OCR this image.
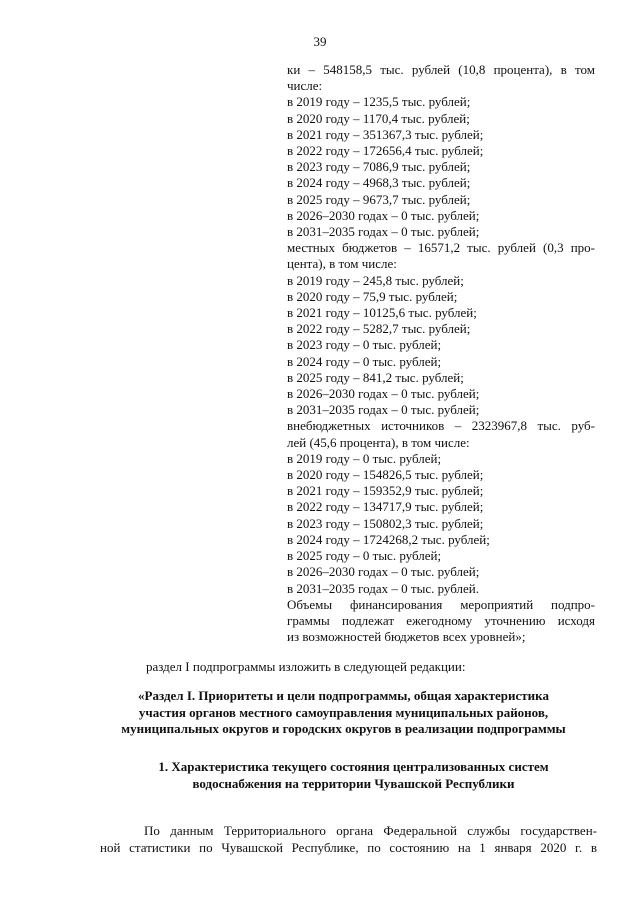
39
ки – 548158,5 тыс. рублей (10,8 процента), в том
числе:
в 2019 году – 1235,5 тыс. рублей;
в 2020 году – 1170,4 тыс. рублей;
в 2021 году – 351367,3 тыс. рублей;
в 2022 году – 172656,4 тыс. рублей;
в 2023 году – 7086,9 тыс. рублей;
в 2024 году – 4968,3 тыс. рублей;
в 2025 году – 9673,7 тыс. рублей;
в 2026–2030 годах – 0 тыс. рублей;
в 2031–2035 годах – 0 тыс. рублей;
местных бюджетов – 16571,2 тыс. рублей (0,3 про-
цента), в том числе:
в 2019 году – 245,8 тыс. рублей;
в 2020 году – 75,9 тыс. рублей;
в 2021 году – 10125,6 тыс. рублей;
в 2022 году – 5282,7 тыс. рублей;
в 2023 году – 0 тыс. рублей;
в 2024 году – 0 тыс. рублей;
в 2025 году – 841,2 тыс. рублей;
в 2026–2030 годах – 0 тыс. рублей;
в 2031–2035 годах – 0 тыс. рублей;
внебюджетных источников – 2323967,8 тыс. руб-
лей (45,6 процента), в том числе:
в 2019 году – 0 тыс. рублей;
в 2020 году – 154826,5 тыс. рублей;
в 2021 году – 159352,9 тыс. рублей;
в 2022 году – 134717,9 тыс. рублей;
в 2023 году – 150802,3 тыс. рублей;
в 2024 году – 1724268,2 тыс. рублей;
в 2025 году – 0 тыс. рублей;
в 2026–2030 годах – 0 тыс. рублей;
в 2031–2035 годах – 0 тыс. рублей.
Объемы финансирования мероприятий подпро-
граммы подлежат ежегодному уточнению исходя
из возможностей бюджетов всех уровней»;
раздел I подпрограммы изложить в следующей редакции:
«Раздел I. Приоритеты и цели подпрограммы, общая характеристика
участия органов местного самоуправления муниципальных районов,
муниципальных округов и городских округов в реализации подпрограммы
1. Характеристика текущего состояния централизованных систем
водоснабжения на территории Чувашской Республики
По данным Территориального органа Федеральной службы государствен-
ной статистики по Чувашской Республике, по состоянию на 1 января 2020 г. в
